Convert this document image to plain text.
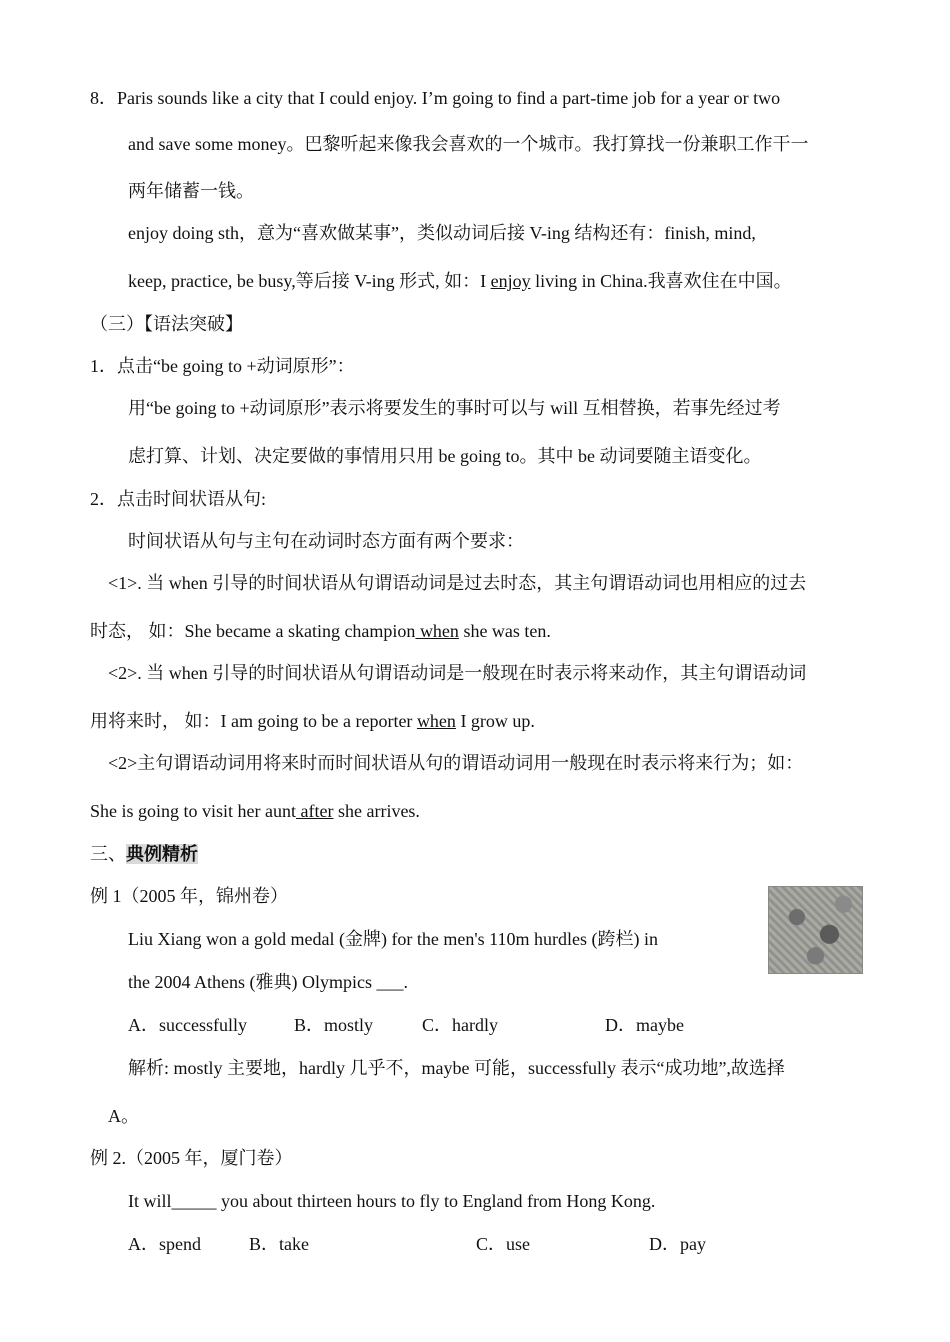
8．Paris sounds like a city that I could enjoy. I’m going to find a part-time job for a year or two
and save some money。巴黎听起来像我会喜欢的一个城市。我打算找一份兼职工作干一
两年储蓄一钱。
enjoy doing sth，意为“喜欢做某事”，类似动词后接 V-ing 结构还有：finish, mind,
keep, practice, be busy,等后接 V-ing 形式, 如：I enjoy living in China.我喜欢住在中国。
（三）【语法突破】
1．点击“be going to +动词原形”：
用“be going to +动词原形”表示将要发生的事时可以与 will 互相替换，若事先经过考
虑打算、计划、决定要做的事情用只用 be going to。其中 be 动词要随主语变化。
2．点击时间状语从句:
时间状语从句与主句在动词时态方面有两个要求：
<1>. 当 when 引导的时间状语从句谓语动词是过去时态，其主句谓语动词也用相应的过去
时态， 如：She became a skating champion when she was ten.
<2>. 当 when 引导的时间状语从句谓语动词是一般现在时表示将来动作，其主句谓语动词
用将来时， 如：I am going to be a reporter when I grow up.
<2>主句谓语动词用将来时而时间状语从句的谓语动词用一般现在时表示将来行为；如：
She is going to visit her aunt after she arrives.
三、典例精析
例 1（2005 年，锦州卷）
Liu Xiang won a gold medal (金牌) for the men's 110m hurdles (跨栏) in
the 2004 Athens (雅典) Olympics ___.
A．successfully	B．mostly	C．hardly	D．maybe
解析: mostly 主要地，hardly 几乎不，maybe 可能，successfully 表示“成功地”,故选择
A。
例 2.（2005 年，厦门卷）
It will_____ you about thirteen hours to fly to England from Hong Kong.
A．spend	B．take	C．use	D．pay
